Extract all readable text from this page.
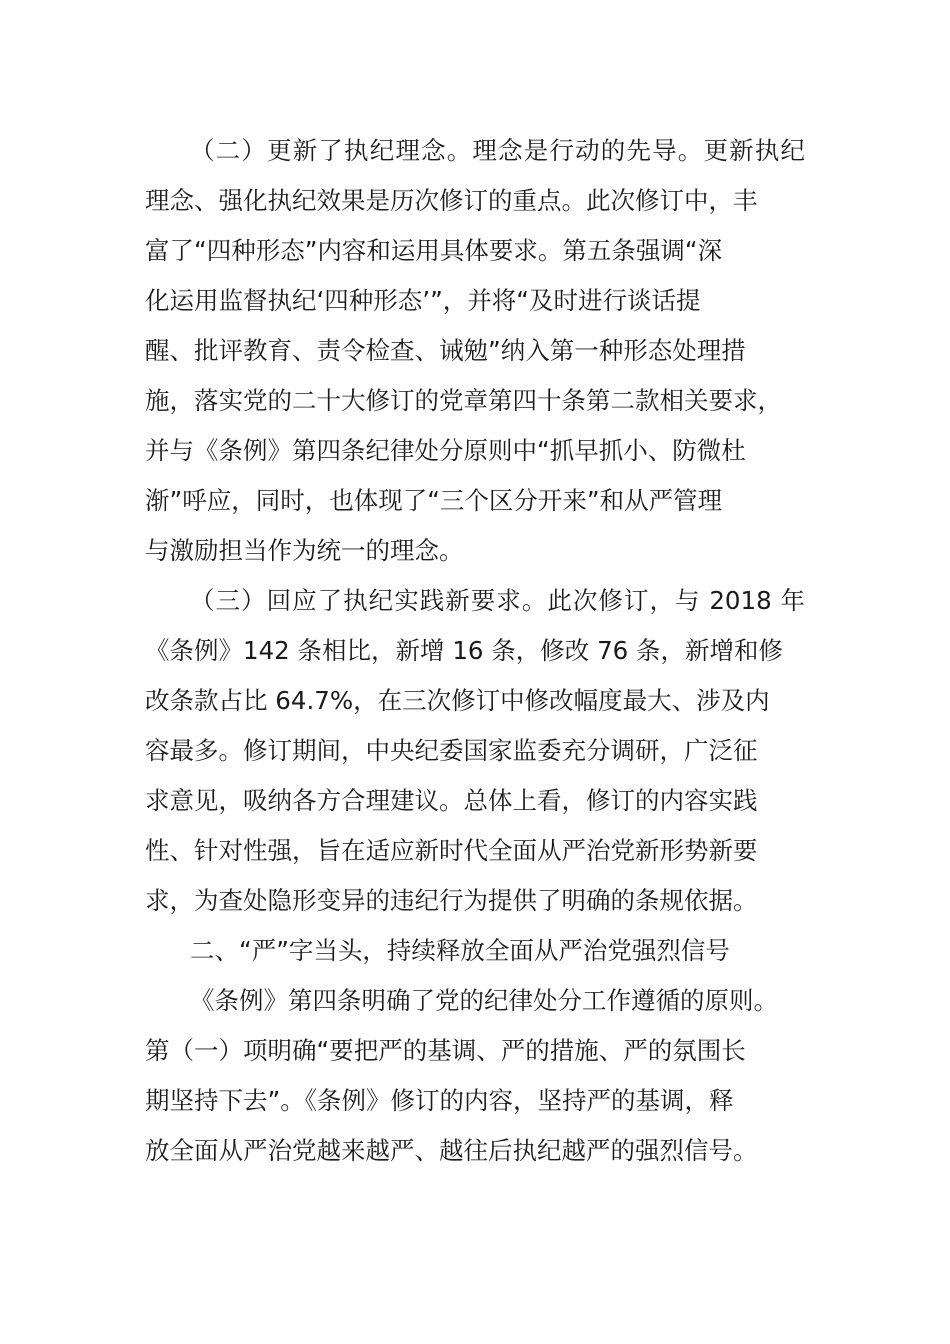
（二）更新了执纪理念。理念是行动的先导。更新执纪
理念、强化执纪效果是历次修订的重点。此次修订中，丰
富了“四种形态”内容和运用具体要求。第五条强调“深
化运用监督执纪‘四种形态’”，并将“及时进行谈话提
醒、批评教育、责令检查、诫勉”纳入第一种形态处理措
施，落实党的二十大修订的党章第四十条第二款相关要求，
并与《条例》第四条纪律处分原则中“抓早抓小、防微杜
渐”呼应，同时，也体现了“三个区分开来”和从严管理
与激励担当作为统一的理念。
（三）回应了执纪实践新要求。此次修订，与 2018 年
《条例》142 条相比，新增 16 条，修改 76 条，新增和修
改条款占比 64.7%，在三次修订中修改幅度最大、涉及内
容最多。修订期间，中央纪委国家监委充分调研，广泛征
求意见，吸纳各方合理建议。总体上看，修订的内容实践
性、针对性强，旨在适应新时代全面从严治党新形势新要
求，为查处隐形变异的违纪行为提供了明确的条规依据。
二、“严”字当头，持续释放全面从严治党强烈信号
《条例》第四条明确了党的纪律处分工作遵循的原则。
第（一）项明确“要把严的基调、严的措施、严的氛围长
期坚持下去”。《条例》修订的内容，坚持严的基调，释
放全面从严治党越来越严、越往后执纪越严的强烈信号。
